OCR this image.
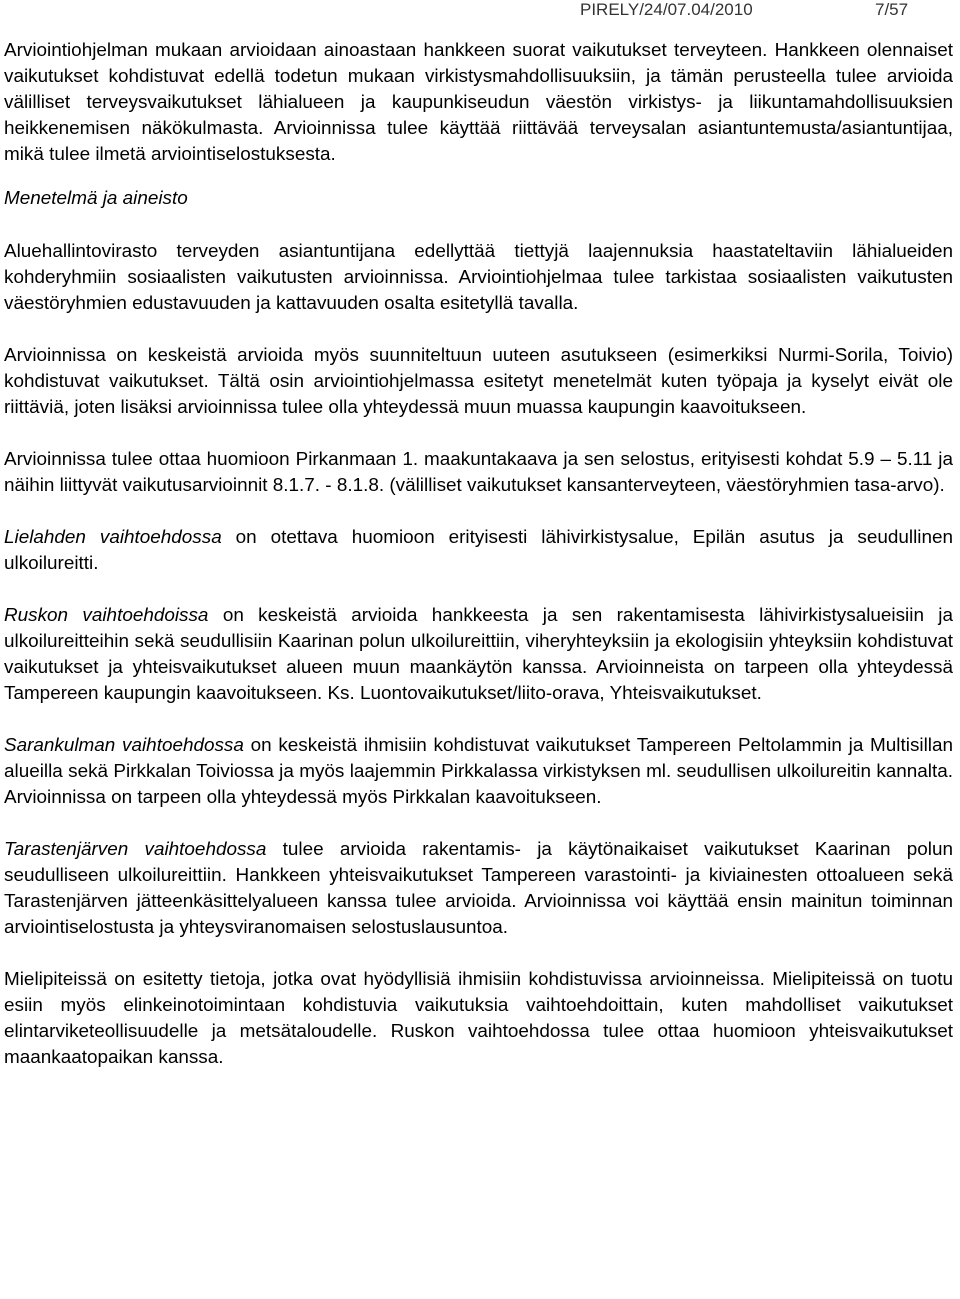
PIRELY/24/07.04/2010	7/57

Arviointiohjelman mukaan arvioidaan ainoastaan hankkeen suorat vaikutukset terveyteen. Hankkeen olennaiset vaikutukset kohdistuvat edellä todetun mukaan virkistysmahdollisuuksiin, ja tämän perusteella tulee arvioida välilliset terveysvaikutukset lähialueen ja kaupunkiseudun väestön virkistys- ja liikuntamahdollisuuksien heikkenemisen näkökulmasta. Arvioinnissa tulee käyttää riittävää terveysalan asiantuntemusta/asiantuntijaa, mikä tulee ilmetä arviointiselostuksesta.

Menetelmä ja aineisto

Aluehallintovirasto terveyden asiantuntijana edellyttää tiettyjä laajennuksia haastateltaviin lähialueiden kohderyhmiin sosiaalisten vaikutusten arvioinnissa. Arviointiohjelmaa tulee tarkistaa sosiaalisten vaikutusten väestöryhmien edustavuuden ja kattavuuden osalta esitetyllä tavalla.

Arvioinnissa on keskeistä arvioida myös suunniteltuun uuteen asutukseen (esimerkiksi Nurmi-Sorila, Toivio) kohdistuvat vaikutukset. Tältä osin arviointiohjelmassa esitetyt menetelmät kuten työpaja ja kyselyt eivät ole riittäviä, joten lisäksi arvioinnissa tulee olla yhteydessä muun muassa kaupungin kaavoitukseen.

Arvioinnissa tulee ottaa huomioon Pirkanmaan 1. maakuntakaava ja sen selostus, erityisesti kohdat 5.9 – 5.11 ja näihin liittyvät vaikutusarvioinnit 8.1.7. - 8.1.8. (välilliset vaikutukset kansanterveyteen, väestöryhmien tasa-arvo).

Lielahden vaihtoehdossa on otettava huomioon erityisesti lähivirkistysalue, Epilän asutus ja seudullinen ulkoilureitti.

Ruskon vaihtoehdoissa on keskeistä arvioida hankkeesta ja sen rakentamisesta lähivirkistysalueisiin ja ulkoilureitteihin sekä seudullisiin Kaarinan polun ulkoilureittiin, viheryhteyksiin ja ekologisiin yhteyksiin kohdistuvat vaikutukset ja yhteisvaikutukset alueen muun maankäytön kanssa. Arvioinneista on tarpeen olla yhteydessä Tampereen kaupungin kaavoitukseen. Ks. Luontovaikutukset/liito-orava, Yhteisvaikutukset.

Sarankulman vaihtoehdossa on keskeistä ihmisiin kohdistuvat vaikutukset Tampereen Peltolammin ja Multisillan alueilla sekä Pirkkalan Toiviossa ja myös laajemmin Pirkkalassa virkistyksen ml. seudullisen ulkoilureitin kannalta. Arvioinnissa on tarpeen olla yhteydessä myös Pirkkalan kaavoitukseen.

Tarastenjärven vaihtoehdossa tulee arvioida rakentamis- ja käytönaikaiset vaikutukset Kaarinan polun seudulliseen ulkoilureittiin. Hankkeen yhteisvaikutukset Tampereen varastointi- ja kiviainesten ottoalueen sekä Tarastenjärven jätteenkäsittelyalueen kanssa tulee arvioida. Arvioinnissa voi käyttää ensin mainitun toiminnan arviointiselostusta ja yhteysviranomaisen selostuslausuntoa.

Mielipiteissä on esitetty tietoja, jotka ovat hyödyllisiä ihmisiin kohdistuvissa arvioinneissa. Mielipiteissä on tuotu esiin myös elinkeinotoimintaan kohdistuvia vaikutuksia vaihtoehdoittain, kuten mahdolliset vaikutukset elintarviketeollisuudelle ja metsätaloudelle. Ruskon vaihtoehdossa tulee ottaa huomioon yhteisvaikutukset maankaatopaikan kanssa.
